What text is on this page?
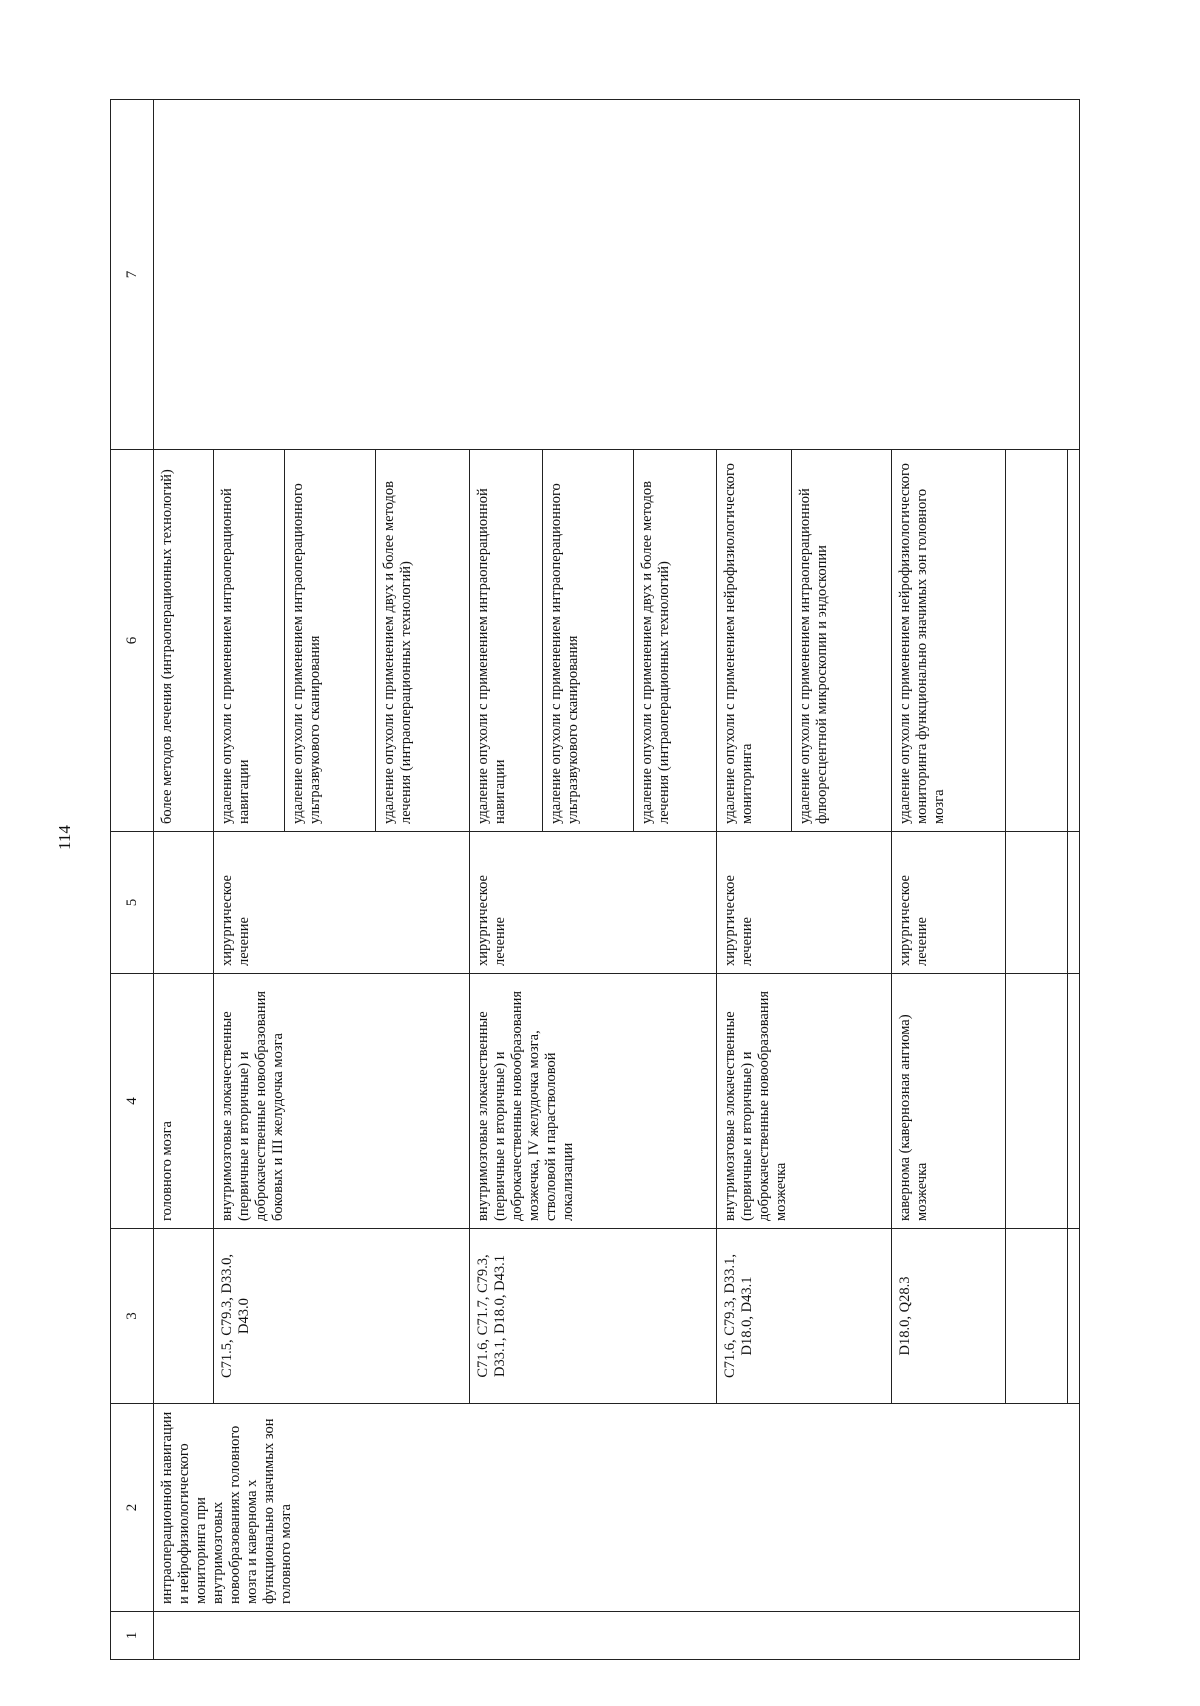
114
1	2	3	4	5	6	7
	интраоперационной навигации и нейрофизиологического мониторинга при внутримозговых новообразованиях головного мозга и кавернома х функционально значимых зон головного мозга		головного мозга		более методов лечения (интраоперационных технологий)	
		C71.5, C79.3, D33.0, D43.0	внутримозговые злокачественные (первичные и вторичные) и доброкачественные новообразования боковых и III желудочка мозга	хирургическое лечение	удаление опухоли с применением интраоперационной навигации	
					удаление опухоли с применением интраоперационного ультразвукового сканирования	
					удаление опухоли с применением двух и более методов лечения (интраоперационных технологий)	
		C71.6, C71.7, C79.3, D33.1, D18.0, D43.1	внутримозговые злокачественные (первичные и вторичные) и доброкачественные новообразования мозжечка, IV желудочка мозга, стволовой и парастволовой локализации	хирургическое лечение	удаление опухоли с применением интраоперационной навигации	
					удаление опухоли с применением интраоперационного ультразвукового сканирования	
					удаление опухоли с применением двух и более методов лечения (интраоперационных технологий)	
		C71.6, C79.3, D33.1, D18.0, D43.1	внутримозговые злокачественные (первичные и вторичные) и доброкачественные новообразования мозжечка	хирургическое лечение	удаление опухоли с применением нейрофизиологического мониторинга	
					удаление опухоли с применением интраоперационной флюоресцентной микроскопии и эндоскопии	
		D18.0, Q28.3	кавернома (кавернозная ангиома) мозжечка	хирургическое лечение	удаление опухоли с применением нейрофизиологического мониторинга функционально значимых зон головного мозга	
